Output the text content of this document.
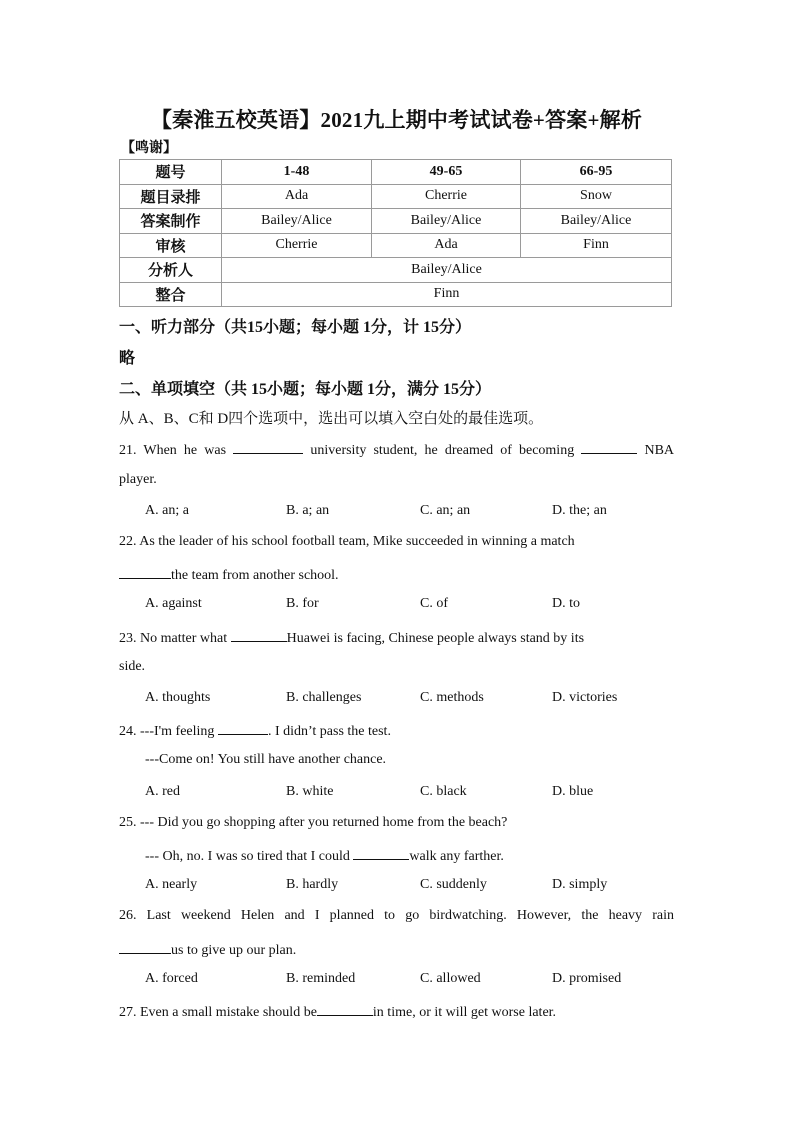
【秦淮五校英语】2021九上期中考试试卷+答案+解析
【鸣谢】
题号	1-48	49-65	66-95
题目录排	Ada	Cherrie	Snow
答案制作	Bailey/Alice	Bailey/Alice	Bailey/Alice
审核	Cherrie	Ada	Finn
分析人	Bailey/Alice		
整合	Finn		
一、听力部分（共15小题；每小题 1分，计 15分）
略
二、单项填空（共 15小题；每小题 1分，满分 15分）
从 A、B、C和 D四个选项中，选出可以填入空白处的最佳选项。
21. When he was	university student, he dreamed of becoming	NBA
player.
A. an; a	B. a; an	C. an; an	D. the; an
22. As the leader of his school football team, Mike succeeded in winning a match
the team from another school.
A. against	B. for	C. of	D. to
23. No matter what	Huawei is facing, Chinese people always stand by its
side.
A. thoughts	B. challenges	C. methods	D. victories
24. ---I'm feeling	. I didn’t pass the test.
---Come on! You still have another chance.
A. red	B. white	C. black	D. blue
25. --- Did you go shopping after you returned home from the beach?
--- Oh, no. I was so tired that I could	walk any farther.
A. nearly	B. hardly	C. suddenly	D. simply
26. Last weekend Helen and I planned to go birdwatching. However, the heavy rain
us to give up our plan.
A. forced	B. reminded	C. allowed	D. promised
27. Even a small mistake should be	in time, or it will get worse later.
